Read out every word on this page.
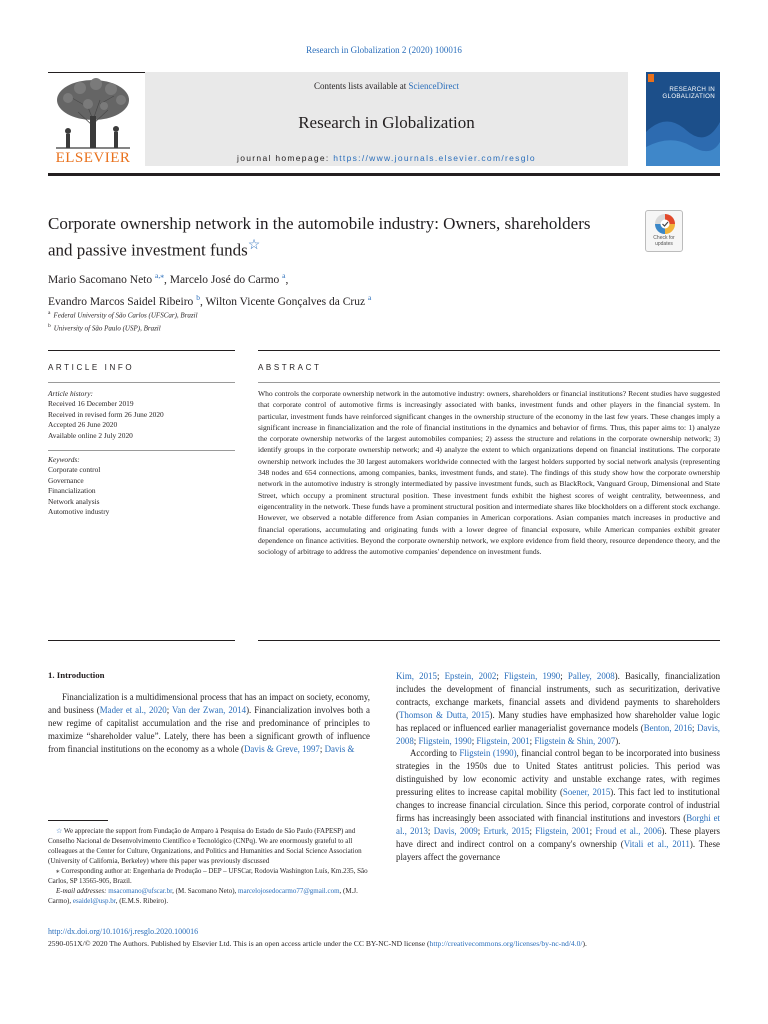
Research in Globalization 2 (2020) 100016
ELSEVIER
Contents lists available at ScienceDirect
Research in Globalization
journal homepage: https://www.journals.elsevier.com/resglo
RESEARCH IN GLOBALIZATION
Corporate ownership network in the automobile industry: Owners, shareholders and passive investment funds☆	Check for updates
Mario Sacomano Neto $^{a,⁎}$, Marcelo José do Carmo $^a$,
Evandro Marcos Saidel Ribeiro $^b$, Wilton Vicente Gonçalves da Cruz $^a$
$^a$ Federal University of São Carlos (UFSCar), Brazil
$^b$ University of São Paulo (USP), Brazil
ARTICLE INFO	ABSTRACT
Article history:
Received 16 December 2019
Received in revised form 26 June 2020
Accepted 26 June 2020
Available online 2 July 2020
Keywords:
Corporate control
Governance
Financialization
Network analysis
Automotive industry
Who controls the corporate ownership network in the automotive industry: owners, shareholders or financial institutions? Recent studies have suggested that corporate control of automotive firms is increasingly associated with banks, investment funds and other players in the financial system. In particular, investment funds have reinforced significant changes in the ownership structure of the economy in the last few years. These changes imply a significant increase in financialization and the role of financial institutions in the dynamics and behavior of firms. Thus, this paper aims to: 1) analyze the corporate ownership networks of the largest automobiles companies; 2) assess the structure and relations in the corporate ownership network; 3) identify groups in the corporate ownership network; and 4) analyze the extent to which organizations depend on financial institutions. The corporate ownership network includes the 30 largest automakers worldwide connected with the largest holders supported by social network analysis (representing 348 nodes and 654 connections, among companies, banks, investment funds, and state). The findings of this study show how the corporate ownership network in the automotive industry is strongly intermediated by passive investment funds, such as BlackRock, Vanguard Group, Dimensional and State Street, which occupy a prominent structural position. These investment funds exhibit the highest scores of weight centrality, betweenness, and eigencentrality in the network. These funds have a prominent structural position and intermediate shares like blockholders on a different stock exchange. However, we observed a notable difference from Asian companies in American corporations. Asian companies match increases in productive and financial operations, accumulating and originating funds with a lower degree of financial exposure, while American companies exhibit greater dependence on finance activities. Beyond the corporate ownership network, we explore evidence from field theory, resource dependence theory, and the sociology of arbitrage to address the automotive companies' dependence on investment funds.
1. Introduction

Financialization is a multidimensional process that has an impact on society, economy, and business (Mader et al., 2020; Van der Zwan, 2014). Financialization involves both a new regime of capitalist accumulation and the rise and predominance of principles to maximize “shareholder value”. Lately, there has been a significant growth of influence from financial institutions on the economy as a whole (Davis & Greve, 1997; Davis &

Kim, 2015; Epstein, 2002; Fligstein, 1990; Palley, 2008). Basically, financialization includes the development of financial instruments, such as securitization, derivative contracts, exchange markets, financial assets and dividend payments to shareholders (Thomson & Dutta, 2015). Many studies have emphasized how shareholder value logic has replaced or influenced earlier managerialist governance models (Benton, 2016; Davis, 2008; Fligstein, 1990; Fligstein, 2001; Fligstein & Shin, 2007).

According to Fligstein (1990), financial control began to be incorporated into business strategies in the 1950s due to United States antitrust policies. This period was distinguished by low economic activity and unstable exchange rates, with regimes pressuring elites to increase capital mobility (Soener, 2015). This fact led to institutional changes to increase financial circulation. Since this period, corporate control of industrial firms has increasingly been associated with financial institutions and investors (Borghi et al., 2013; Davis, 2009; Erturk, 2015; Fligstein, 2001; Froud et al., 2006). These players have direct and indirect control on a company's ownership (Vitali et al., 2011). These players affect the governance

☆ We appreciate the support from Fundação de Amparo à Pesquisa do Estado de São Paulo (FAPESP) and Conselho Nacional de Desenvolvimento Científico e Tecnológico (CNPq). We are enormously grateful to all colleagues at the Center for Culture, Organizations, and Politics and Humanities and Social Science Association (University of California, Berkeley) where this paper was previously discussed

⁎ Corresponding author at: Engenharia de Produção – DEP – UFSCar, Rodovia Washington Luís, Km.235, São Carlos, SP 13565-905, Brazil.

E-mail addresses: msacomano@ufscar.br, (M. Sacomano Neto), marcelojosedocarmo77@gmail.com, (M.J. Carmo), esaidel@usp.br, (E.M.S. Ribeiro).

http://dx.doi.org/10.1016/j.resglo.2020.100016
2590-051X/© 2020 The Authors. Published by Elsevier Ltd. This is an open access article under the CC BY-NC-ND license (http://creativecommons.org/licenses/by-nc-nd/4.0/).
